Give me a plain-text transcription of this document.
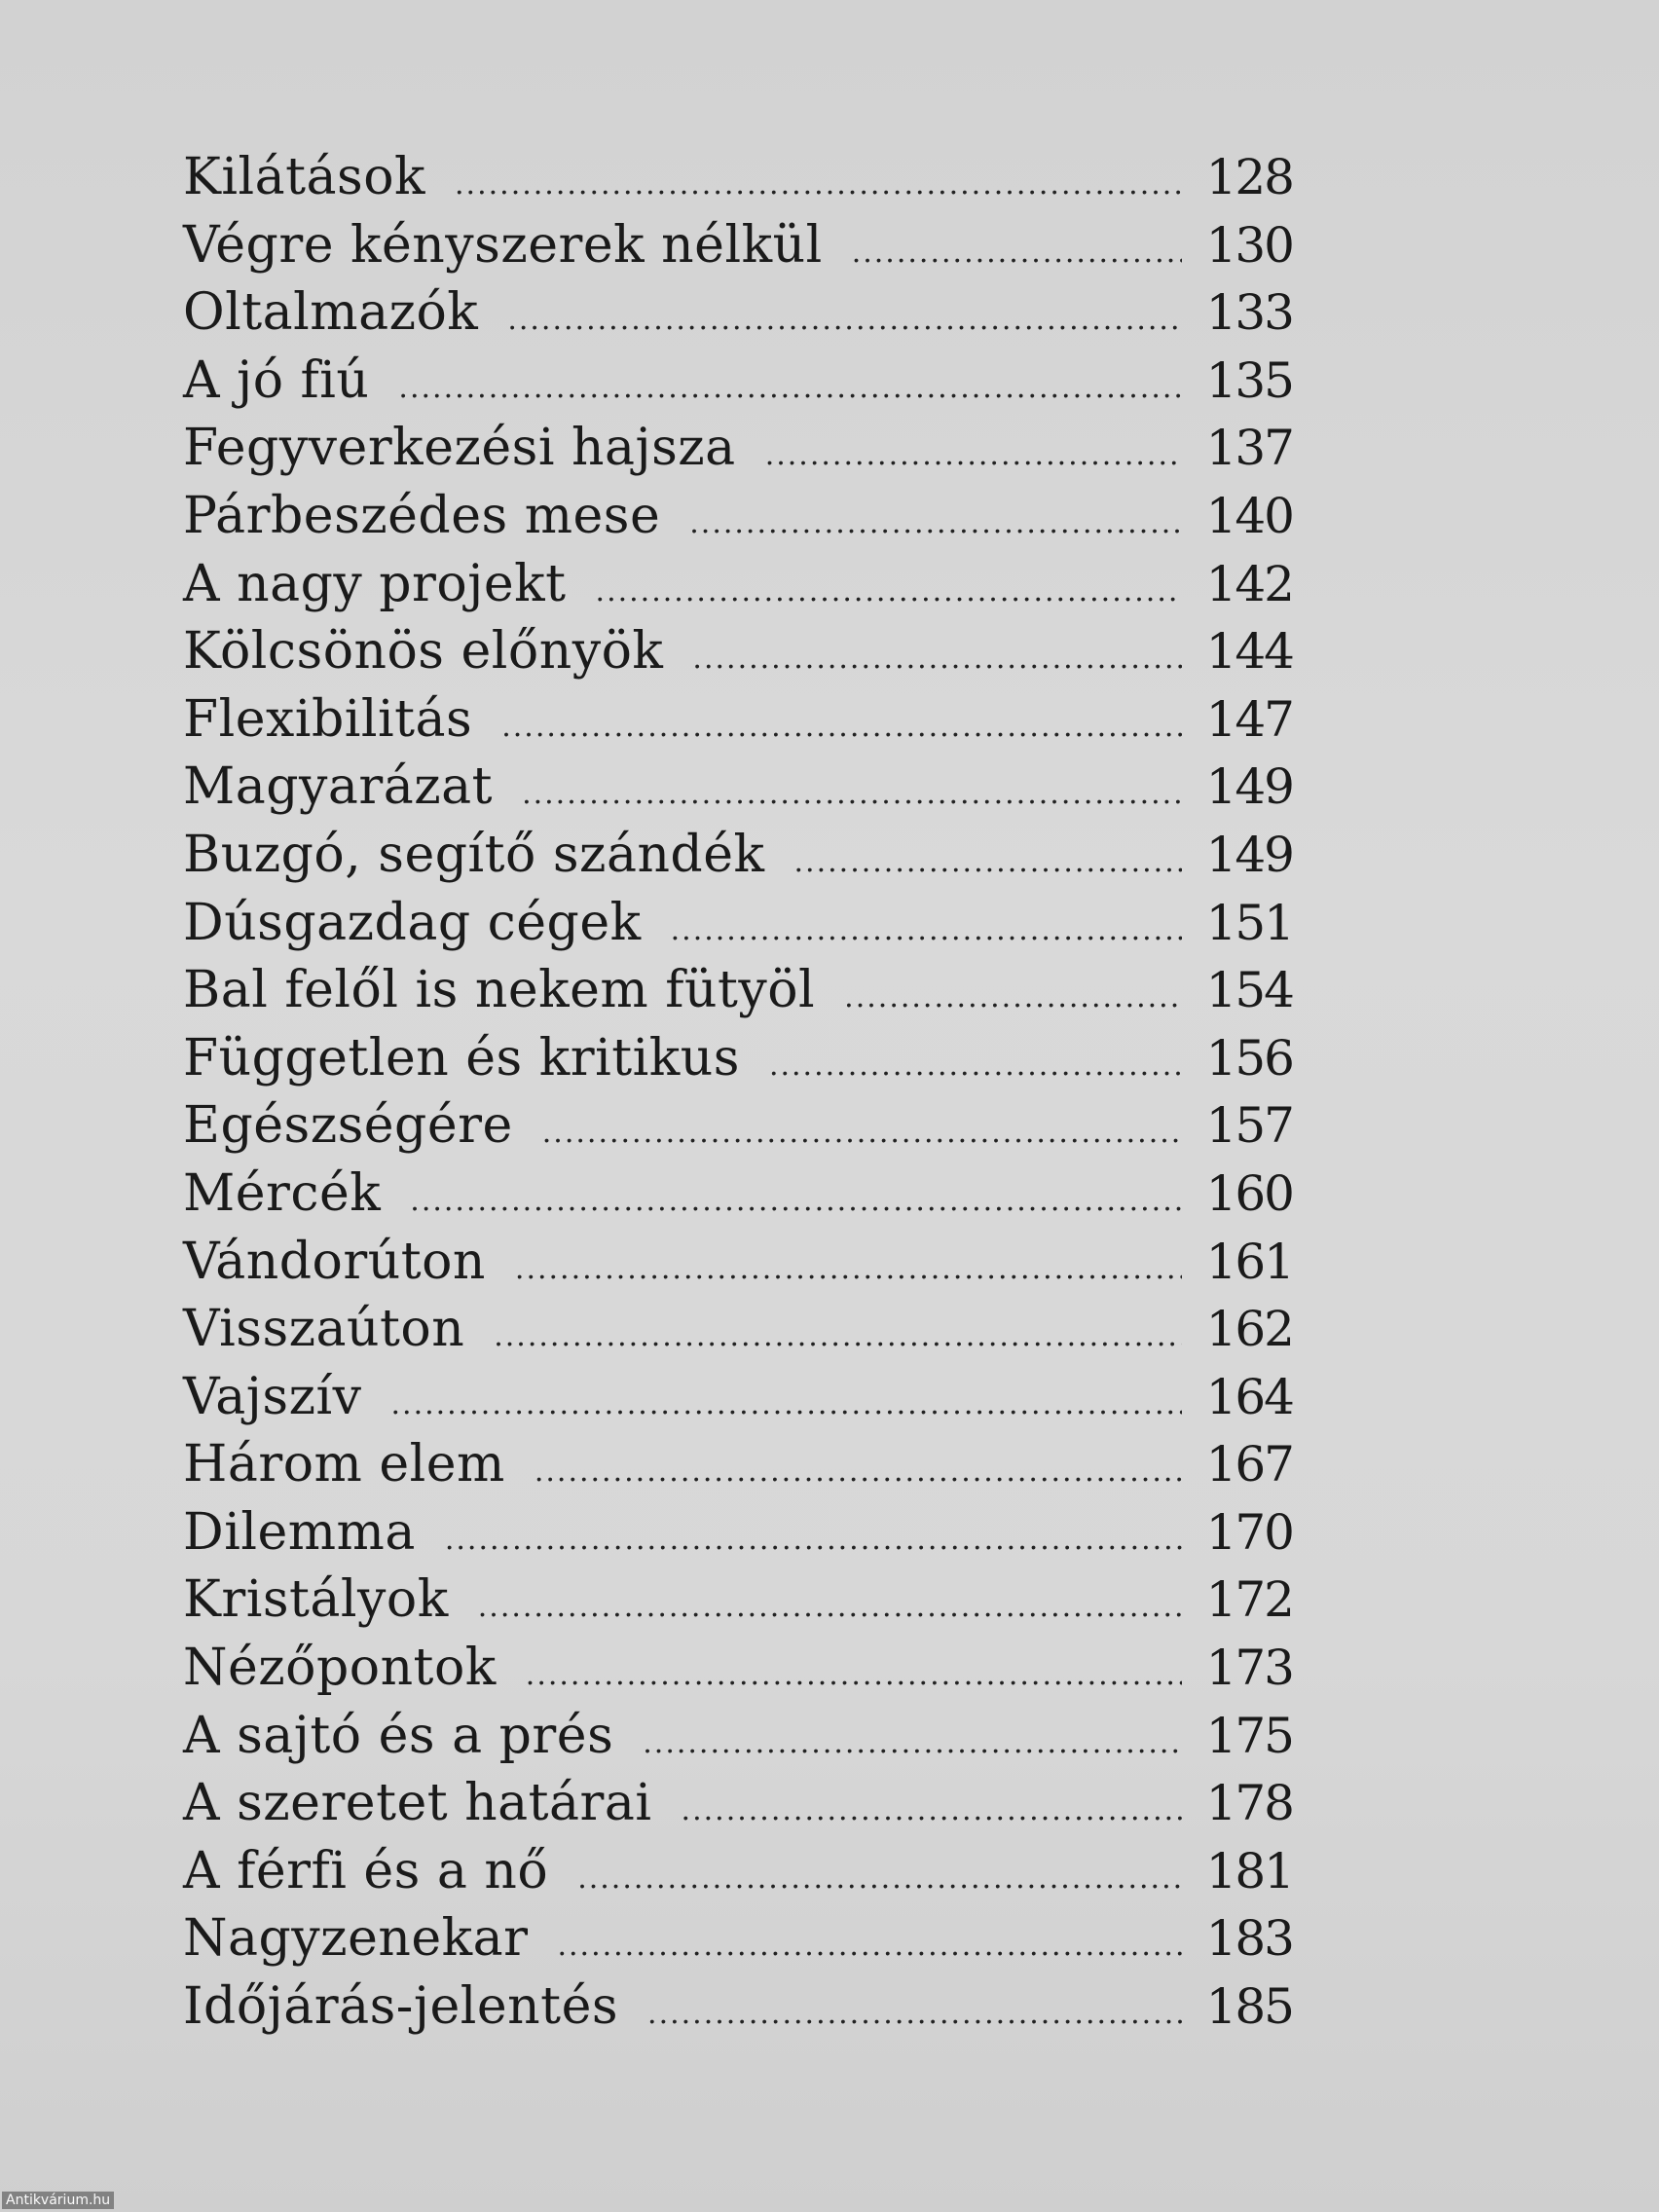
Kilátások .....	128
Végre kényszerek nélkül .....	130
Oltalmazók .....	133
A jó fiú .....	135
Fegyverkezési hajsza .....	137
Párbeszédes mese .....	140
A nagy projekt .....	142
Kölcsönös előnyök .....	144
Flexibilitás .....	147
Magyarázat .....	149
Buzgó, segítő szándék .....	149
Dúsgazdag cégek .....	151
Bal felől is nekem fütyöl .....	154
Független és kritikus .....	156
Egészségére .....	157
Mércék .....	160
Vándorúton .....	161
Visszaúton .....	162
Vajszív .....	164
Három elem .....	167
Dilemma .....	170
Kristályok .....	172
Nézőpontok .....	173
A sajtó és a prés .....	175
A szeretet határai .....	178
A férfi és a nő .....	181
Nagyzenekar .....	183
Időjárás-jelentés .....	185
Antikvárium.hu
